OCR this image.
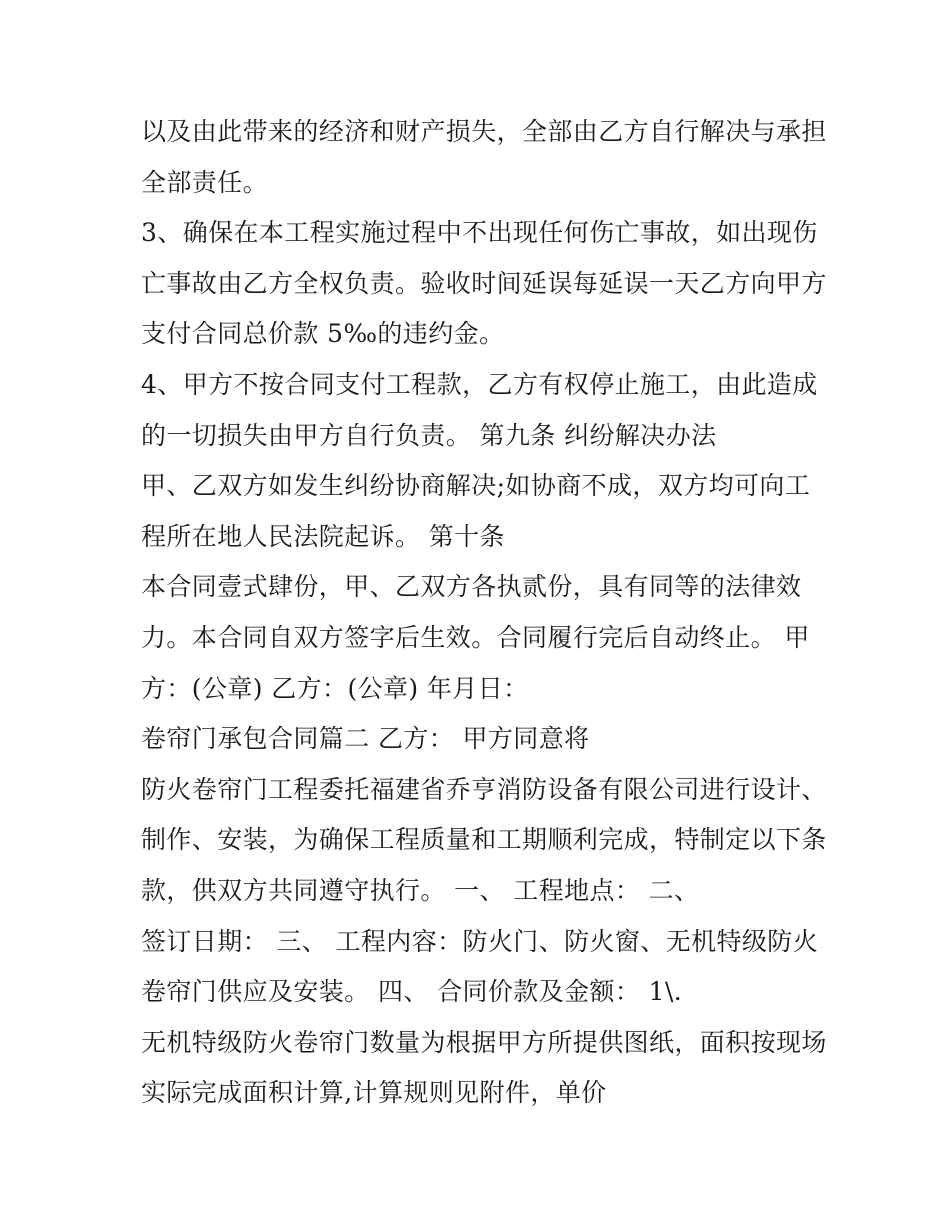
以及由此带来的经济和财产损失，全部由乙方自行解决与承担
全部责任。
3、确保在本工程实施过程中不出现任何伤亡事故，如出现伤
亡事故由乙方全权负责。验收时间延误每延误一天乙方向甲方
支付合同总价款 5‰的违约金。
4、甲方不按合同支付工程款，乙方有权停止施工，由此造成
的一切损失由甲方自行负责。 第九条 纠纷解决办法
甲、乙双方如发生纠纷协商解决;如协商不成，双方均可向工
程所在地人民法院起诉。 第十条
本合同壹式肆份，甲、乙双方各执贰份，具有同等的法律效
力。本合同自双方签字后生效。合同履行完后自动终止。 甲
方：(公章) 乙方：(公章) 年月日：
卷帘门承包合同篇二 乙方： 甲方同意将
防火卷帘门工程委托福建省乔亨消防设备有限公司进行设计、
制作、安装，为确保工程质量和工期顺利完成，特制定以下条
款，供双方共同遵守执行。 一、 工程地点： 二、
签订日期： 三、 工程内容：防火门、防火窗、无机特级防火
卷帘门供应及安装。 四、 合同价款及金额： 1\.
无机特级防火卷帘门数量为根据甲方所提供图纸，面积按现场
实际完成面积计算,计算规则见附件，单价
